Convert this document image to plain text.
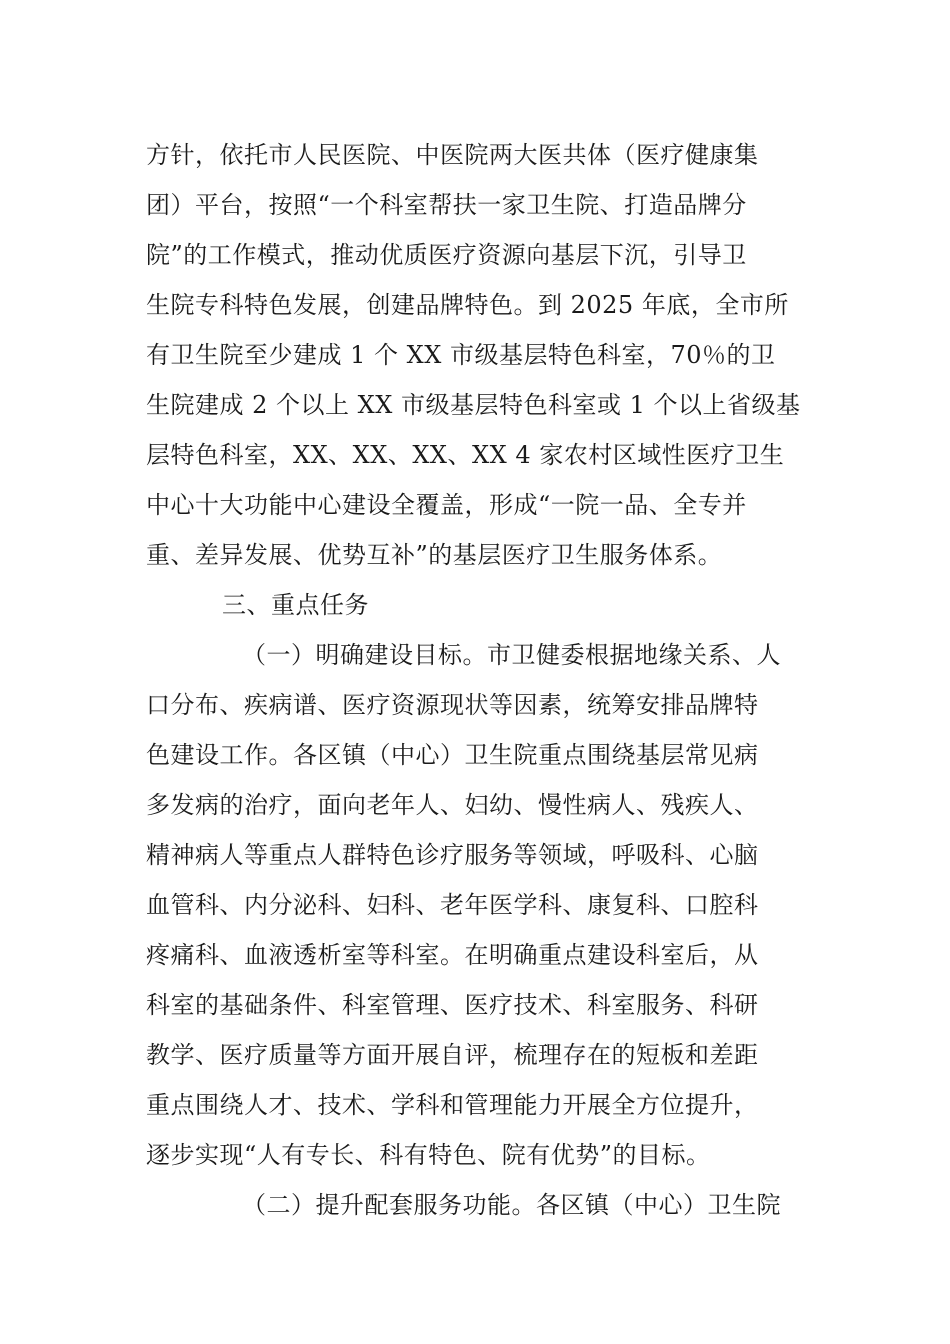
方针，依托市人民医院、中医院两大医共体（医疗健康集
团）平台，按照“一个科室帮扶一家卫生院、打造品牌分
院”的工作模式，推动优质医疗资源向基层下沉，引导卫
生院专科特色发展，创建品牌特色。到 2025 年底，全市所
有卫生院至少建成 1 个 XX 市级基层特色科室，70％的卫
生院建成 2 个以上 XX 市级基层特色科室或 1 个以上省级基
层特色科室，XX、XX、XX、XX 4 家农村区域性医疗卫生
中心十大功能中心建设全覆盖，形成“一院一品、全专并
重、差异发展、优势互补”的基层医疗卫生服务体系。
三、重点任务
（一）明确建设目标。市卫健委根据地缘关系、人
口分布、疾病谱、医疗资源现状等因素，统筹安排品牌特
色建设工作。各区镇（中心）卫生院重点围绕基层常见病
多发病的治疗，面向老年人、妇幼、慢性病人、残疾人、
精神病人等重点人群特色诊疗服务等领域，呼吸科、心脑
血管科、内分泌科、妇科、老年医学科、康复科、口腔科
疼痛科、血液透析室等科室。在明确重点建设科室后，从
科室的基础条件、科室管理、医疗技术、科室服务、科研
教学、医疗质量等方面开展自评，梳理存在的短板和差距
重点围绕人才、技术、学科和管理能力开展全方位提升，
逐步实现“人有专长、科有特色、院有优势”的目标。
（二）提升配套服务功能。各区镇（中心）卫生院
